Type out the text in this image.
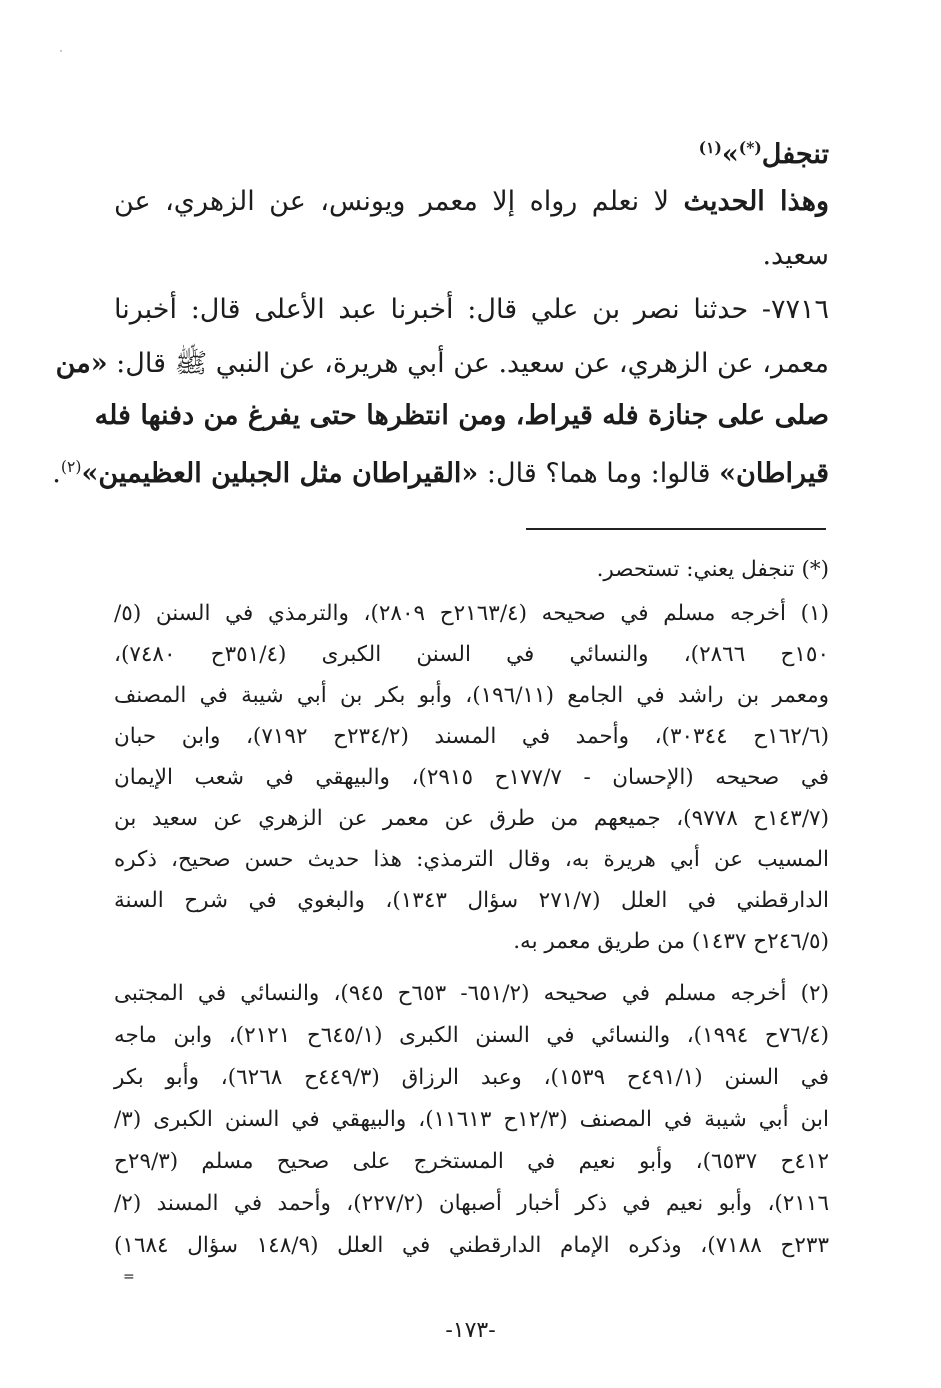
تنجفل(*)»$^{(١)}$
وهذا الحديث لا نعلم رواه إلا معمر ويونس، عن الزهري، عن
سعيد.
٧٧١٦- حدثنا نصر بن علي قال: أخبرنا عبد الأعلى قال: أخبرنا
معمر، عن الزهري، عن سعيد. عن أبي هريرة، عن النبي ﷺ قال: «من
صلى على جنازة فله قيراط، ومن انتظرها حتى يفرغ من دفنها فله
قيراطان» قالوا: وما هما؟ قال: «القيراطان مثل الجبلين العظيمين»$^{(٢)}$.
(*) تنجفل يعني: تستحصر.
(١) أخرجه مسلم في صحيحه (٢١٦٣/٤ح ٢٨٠٩)، والترمذي في السنن (٥/
١٥٠ح ٢٨٦٦)، والنسائي في السنن الكبرى (٣٥١/٤ح ٧٤٨٠)،
ومعمر بن راشد في الجامع (١٩٦/١١)، وأبو بكر بن أبي شيبة في المصنف
(١٦٢/٦ح ٣٠٣٤٤)، وأحمد في المسند (٢٣٤/٢ح ٧١٩٢)، وابن حبان
في صحيحه (الإحسان - ١٧٧/٧ح ٢٩١٥)، والبيهقي في شعب الإيمان
(١٤٣/٧ح ٩٧٧٨)، جميعهم من طرق عن معمر عن الزهري عن سعيد بن
المسيب عن أبي هريرة به، وقال الترمذي: هذا حديث حسن صحيح، ذكره
الدارقطني في العلل (٢٧١/٧ سؤال ١٣٤٣)، والبغوي في شرح السنة
(٢٤٦/٥ح ١٤٣٧) من طريق معمر به.
(٢) أخرجه مسلم في صحيحه (٦٥١/٢- ٦٥٣ح ٩٤٥)، والنسائي في المجتبى
(٧٦/٤ح ١٩٩٤)، والنسائي في السنن الكبرى (٦٤٥/١ح ٢١٢١)، وابن ماجه
في السنن (٤٩١/١ح ١٥٣٩)، وعبد الرزاق (٤٤٩/٣ح ٦٢٦٨)، وأبو بكر
ابن أبي شيبة في المصنف (١٢/٣ح ١١٦١٣)، والبيهقي في السنن الكبرى (٣/
٤١٢ح ٦٥٣٧)، وأبو نعيم في المستخرج على صحيح مسلم (٢٩/٣ح
٢١١٦)، وأبو نعيم في ذكر أخبار أصبهان (٢٢٧/٢)، وأحمد في المسند (٢/
٢٣٣ح ٧١٨٨)، وذكره الإمام الدارقطني في العلل (١٤٨/٩ سؤال ١٦٨٤)
=
-١٧٣-
